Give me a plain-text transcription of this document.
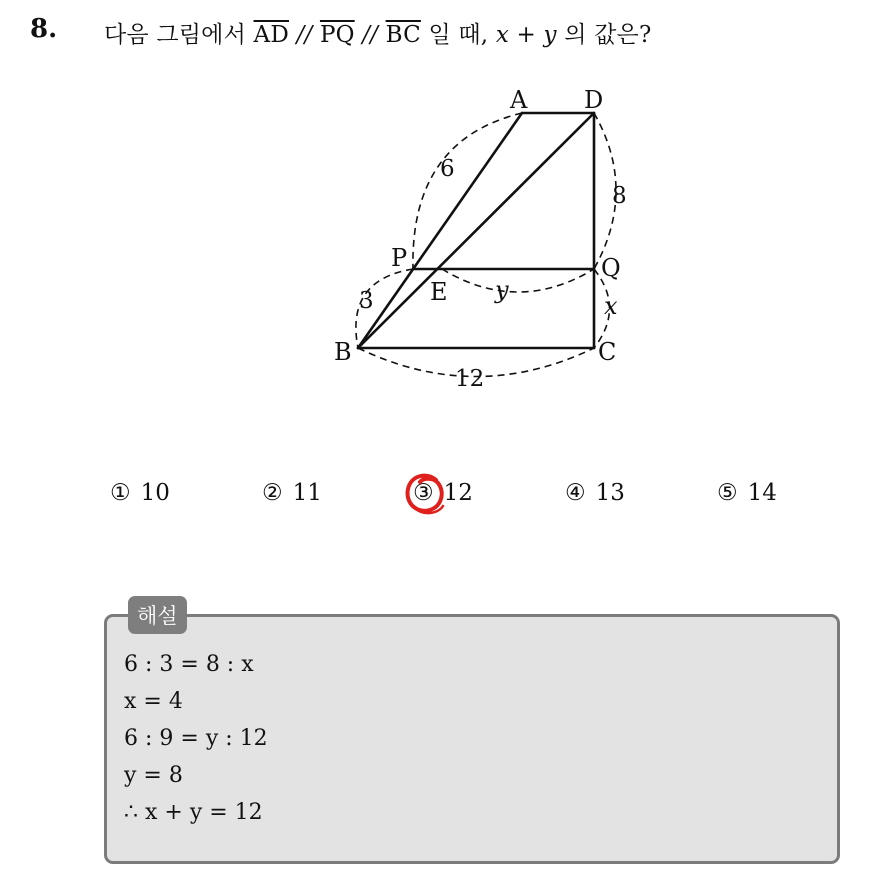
8. 다음 그림에서 $\overline{AD} // \overline{PQ} // \overline{BC}$ 일 때, x + y 의 값은?
A D
P
E
Q
B	C
6
8
3
12
y
x
① 10	② 11	③ 12	④ 13	⑤ 14
해설
6 : 3 = 8 : x
x = 4
6 : 9 = y : 12
y = 8
∴ x + y = 12
